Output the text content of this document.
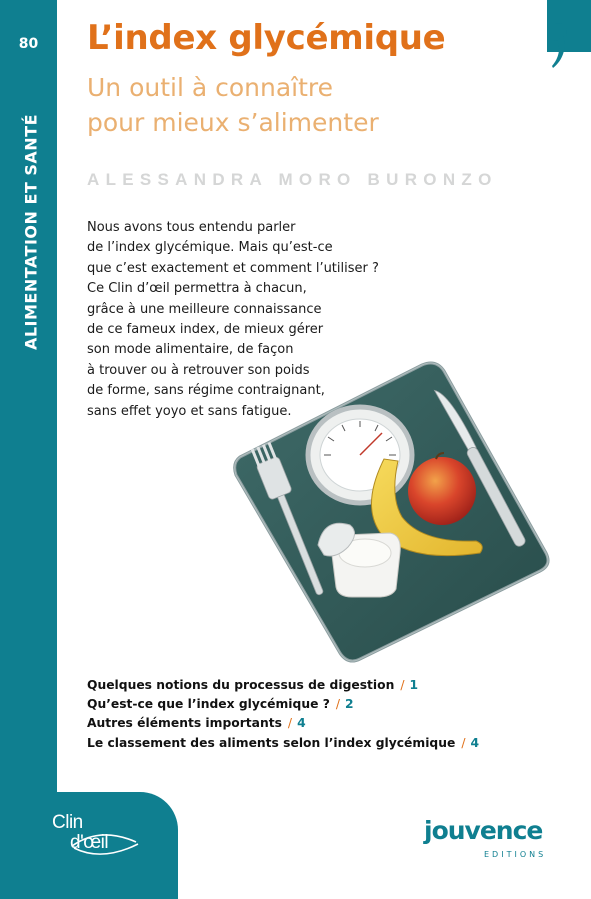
80
ALIMENTATION ET SANTÉ
L’index glycémique
Un outil à connaître
pour mieux s’alimenter
ALESSANDRA MORO BURONZO
Nous avons tous entendu parler
de l’index glycémique. Mais qu’est-ce
que c’est exactement et comment l’utiliser ?
Ce Clin d’œil permettra à chacun,
grâce à une meilleure connaissance
de ce fameux index, de mieux gérer
son mode alimentaire, de façon
à trouver ou à retrouver son poids
de forme, sans régime contraignant,
sans effet yoyo et sans fatigue.
Quelques notions du processus de digestion / 1
Qu’est-ce que l’index glycémique ? / 2
Autres éléments importants / 4
Le classement des aliments selon l’index glycémique / 4
Clin
d'œil	jouvence
EDITIONS
